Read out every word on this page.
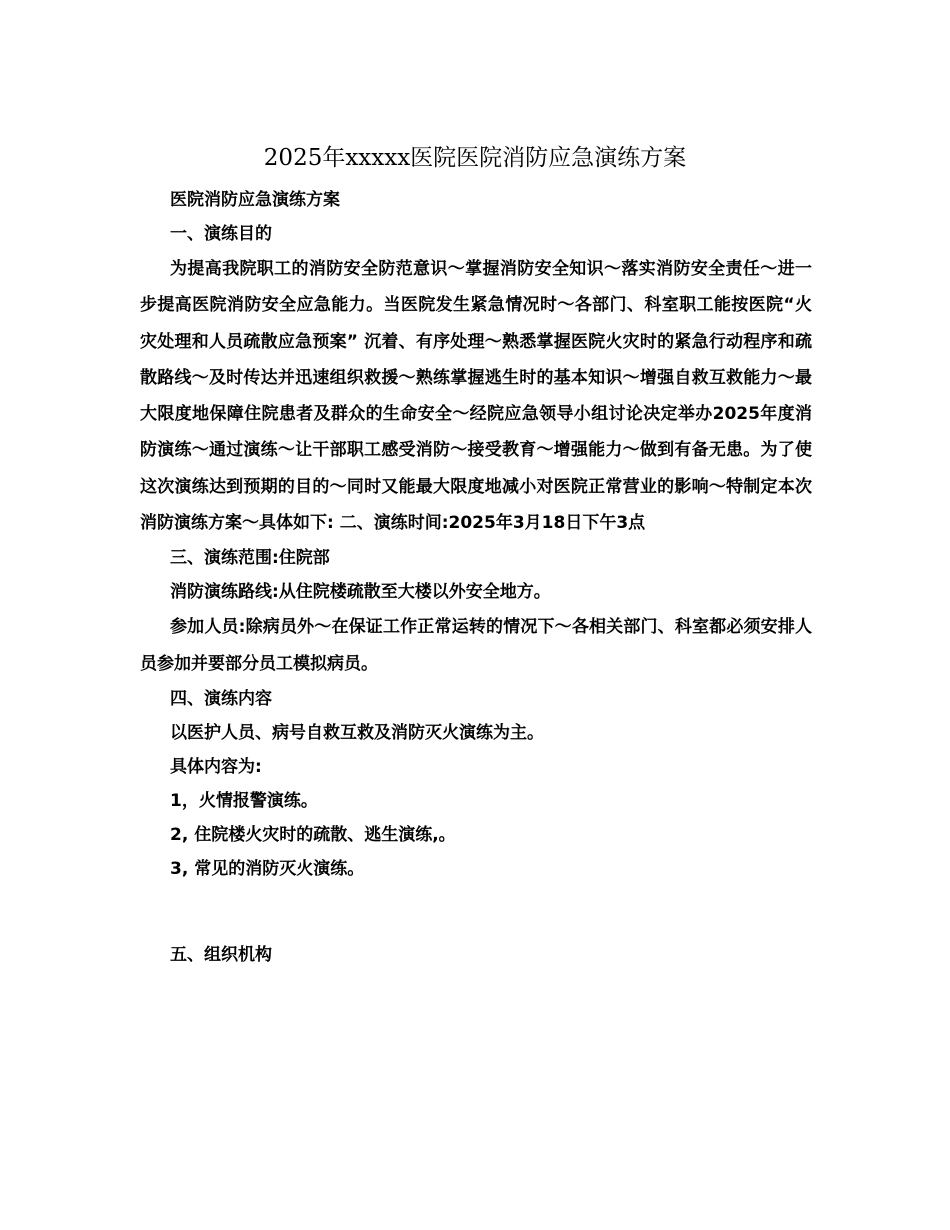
2025年xxxxx医院医院消防应急演练方案

医院消防应急演练方案

一、演练目的

为提高我院职工的消防安全防范意识～掌握消防安全知识～落实消防安全责任～进一步提高医院消防安全应急能力。当医院发生紧急情况时～各部门、科室职工能按医院“火灾处理和人员疏散应急预案” 沉着、有序处理～熟悉掌握医院火灾时的紧急行动程序和疏散路线～及时传达并迅速组织救援～熟练掌握逃生时的基本知识～增强自救互救能力～最大限度地保障住院患者及群众的生命安全～经院应急领导小组讨论决定举办2025年度消防演练～通过演练～让干部职工感受消防～接受教育～增强能力～做到有备无患。为了使这次演练达到预期的目的～同时又能最大限度地减小对医院正常营业的影响～特制定本次消防演练方案～具体如下: 二、演练时间:2025年3月18日下午3点

三、演练范围:住院部

消防演练路线:从住院楼疏散至大楼以外安全地方。

参加人员:除病员外～在保证工作正常运转的情况下～各相关部门、科室都必须安排人员参加并要部分员工模拟病员。

四、演练内容

以医护人员、病号自救互救及消防灭火演练为主。

具体内容为:

1，火情报警演练。

2, 住院楼火灾时的疏散、逃生演练,。

3, 常见的消防灭火演练。

五、组织机构
